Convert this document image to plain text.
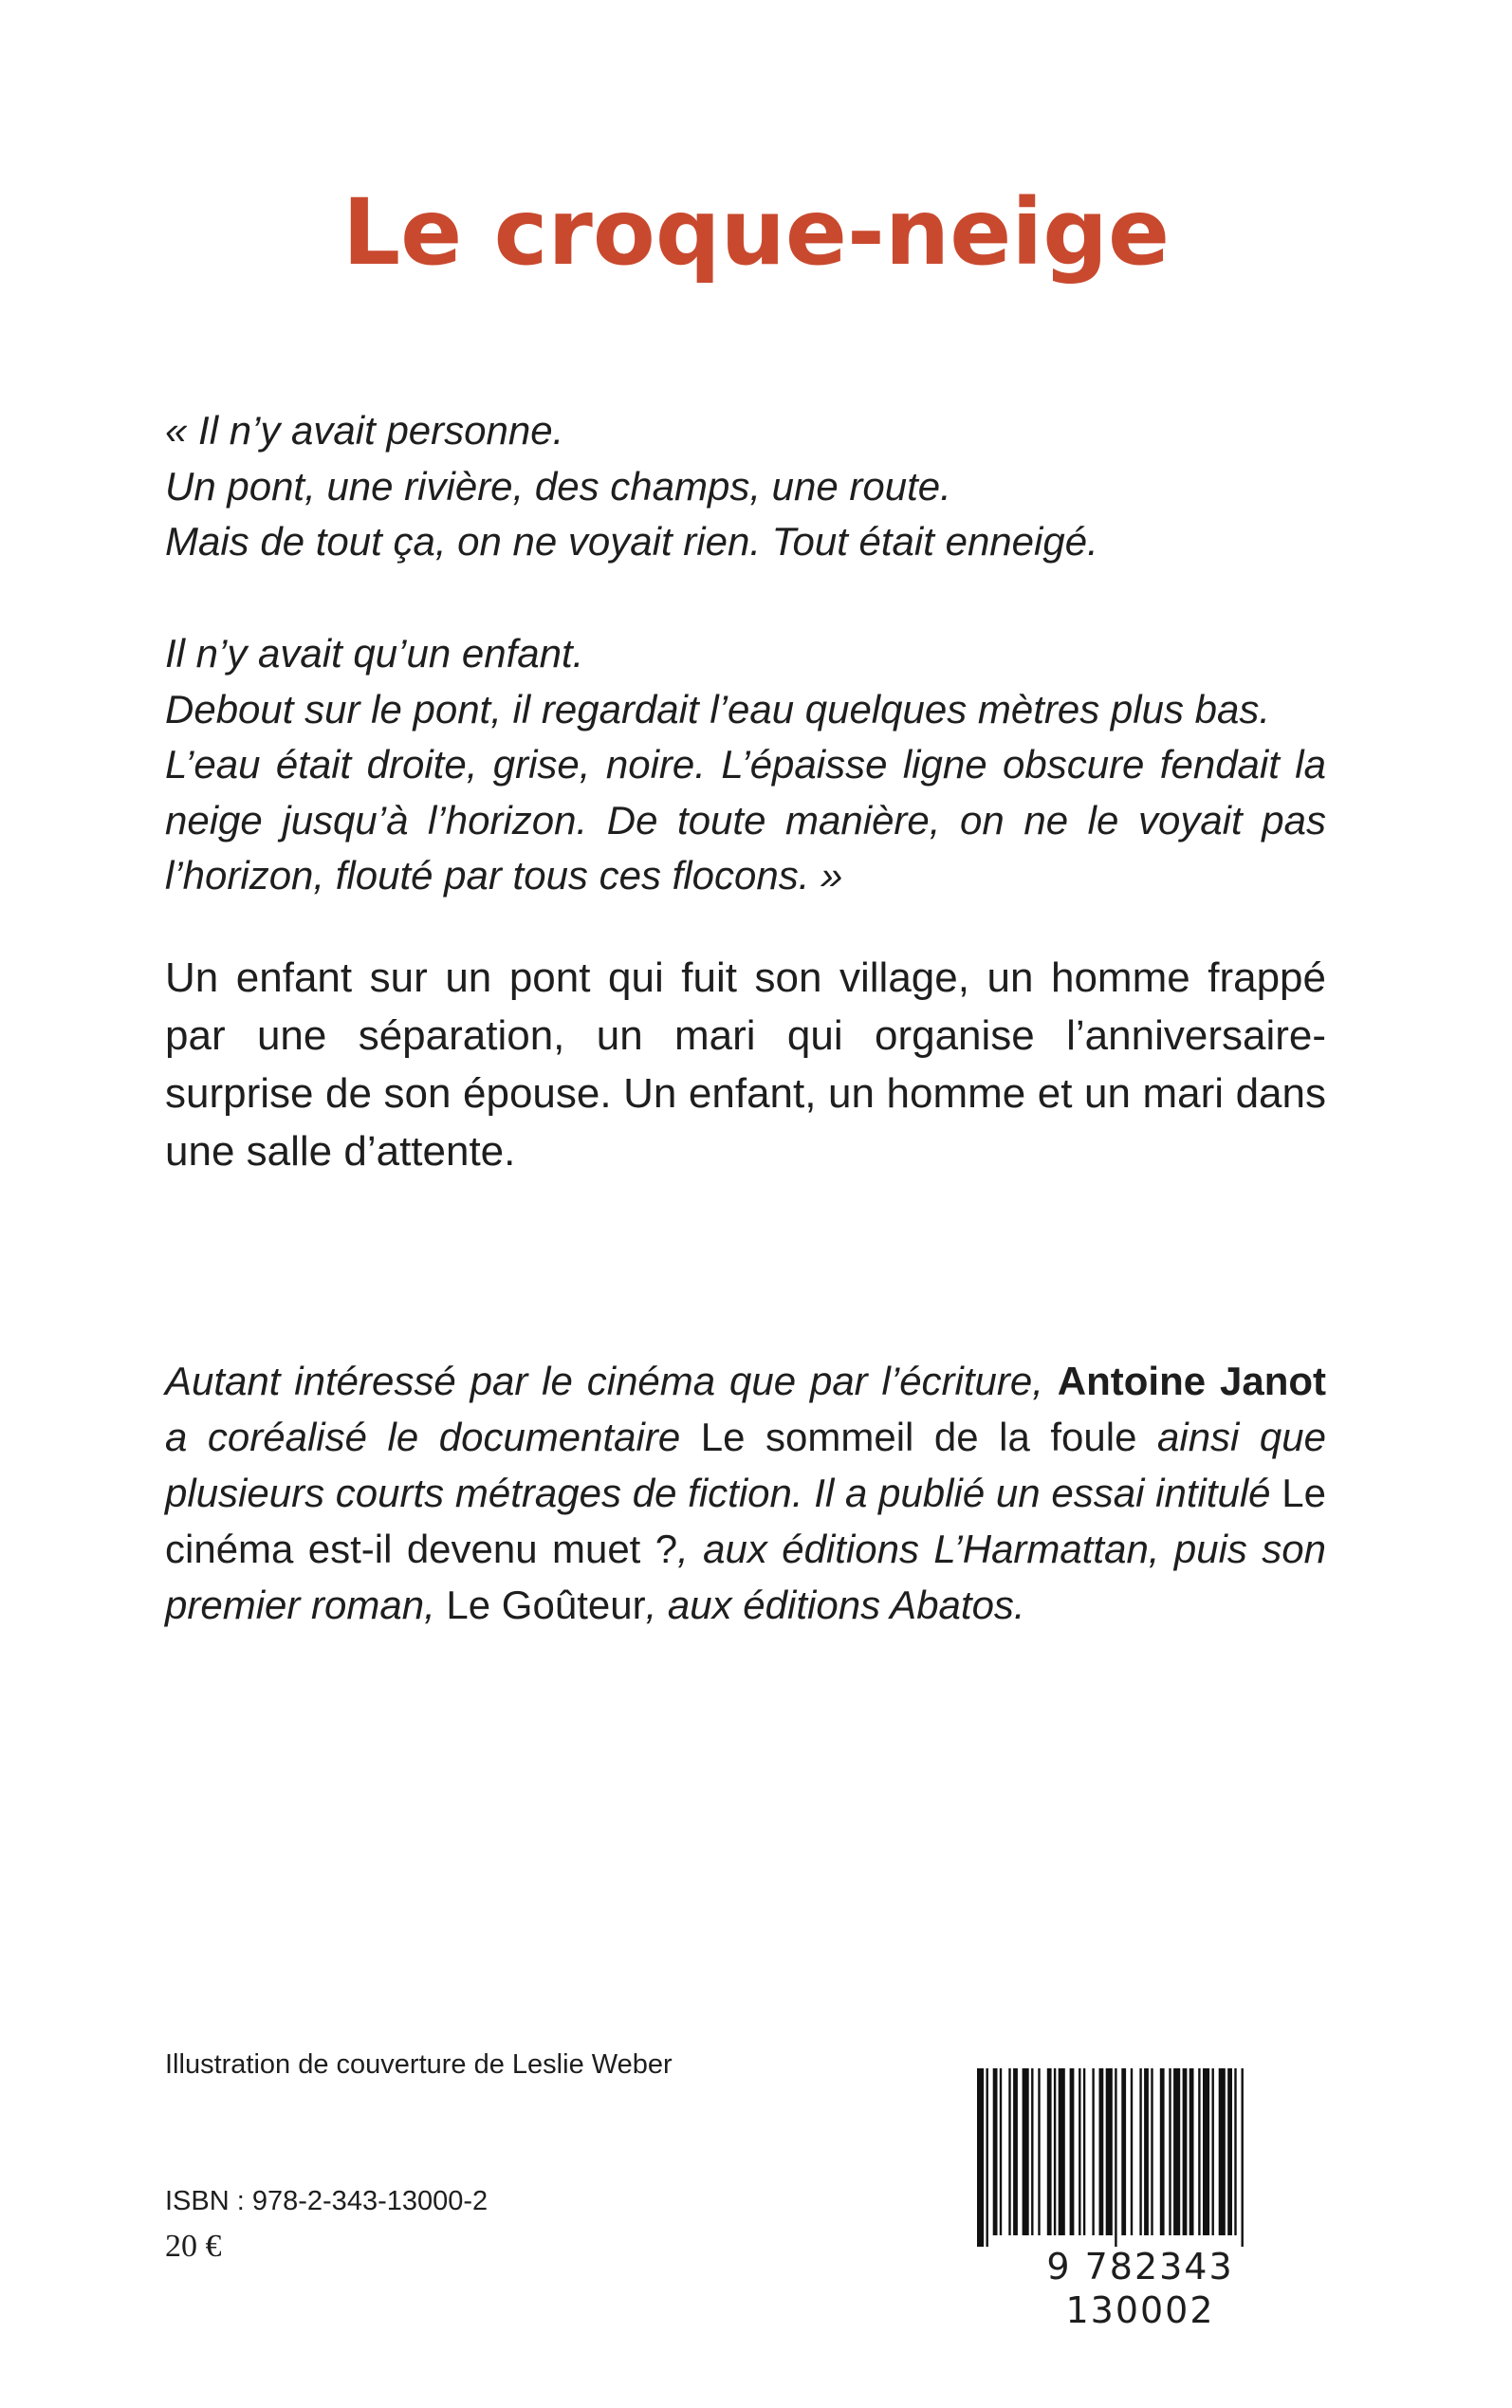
Le croque-neige

« Il n’y avait personne.
Un pont, une rivière, des champs, une route.
Mais de tout ça, on ne voyait rien. Tout était enneigé.

Il n’y avait qu’un enfant.
Debout sur le pont, il regardait l’eau quelques mètres plus bas.
L’eau était droite, grise, noire. L’épaisse ligne obscure fendait la neige jusqu’à l’horizon. De toute manière, on ne le voyait pas l’horizon, flouté par tous ces flocons. »

Un enfant sur un pont qui fuit son village, un homme frappé par une séparation, un mari qui organise l’anniversaire-surprise de son épouse. Un enfant, un homme et un mari dans une salle d’attente.

Autant intéressé par le cinéma que par l’écriture, Antoine Janot a coréalisé le documentaire Le sommeil de la foule ainsi que plusieurs courts métrages de fiction. Il a publié un essai intitulé Le cinéma est-il devenu muet ?, aux éditions L’Harmattan, puis son premier roman, Le Goûteur, aux éditions Abatos.

Illustration de couverture de Leslie Weber

ISBN : 978-2-343-13000-2

20 €	9 782343 130002
